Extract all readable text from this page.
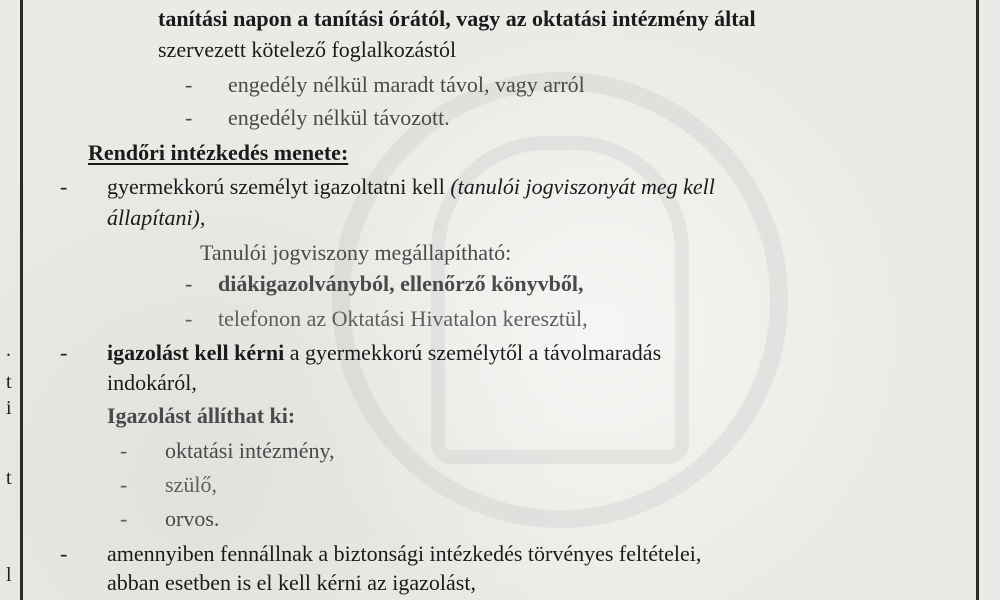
.
t
i
t
l
tanítási napon a tanítási órától, vagy az oktatási intézmény által
szervezett kötelező foglalkozástól
- engedély nélkül maradt távol, vagy arról
- engedély nélkül távozott.
Rendőri intézkedés menete:
- gyermekkorú személyt igazoltatni kell (tanulói jogviszonyát meg kell
állapítani),
Tanulói jogviszony megállapítható:
- diákigazolványból, ellenőrző könyvből,
- telefonon az Oktatási Hivatalon keresztül,
- igazolást kell kérni a gyermekkorú személytől a távolmaradás
indokáról,
Igazolást állíthat ki:
- oktatási intézmény,
- szülő,
- orvos.
- amennyiben fennállnak a biztonsági intézkedés törvényes feltételei,
abban esetben is el kell kérni az igazolást,
